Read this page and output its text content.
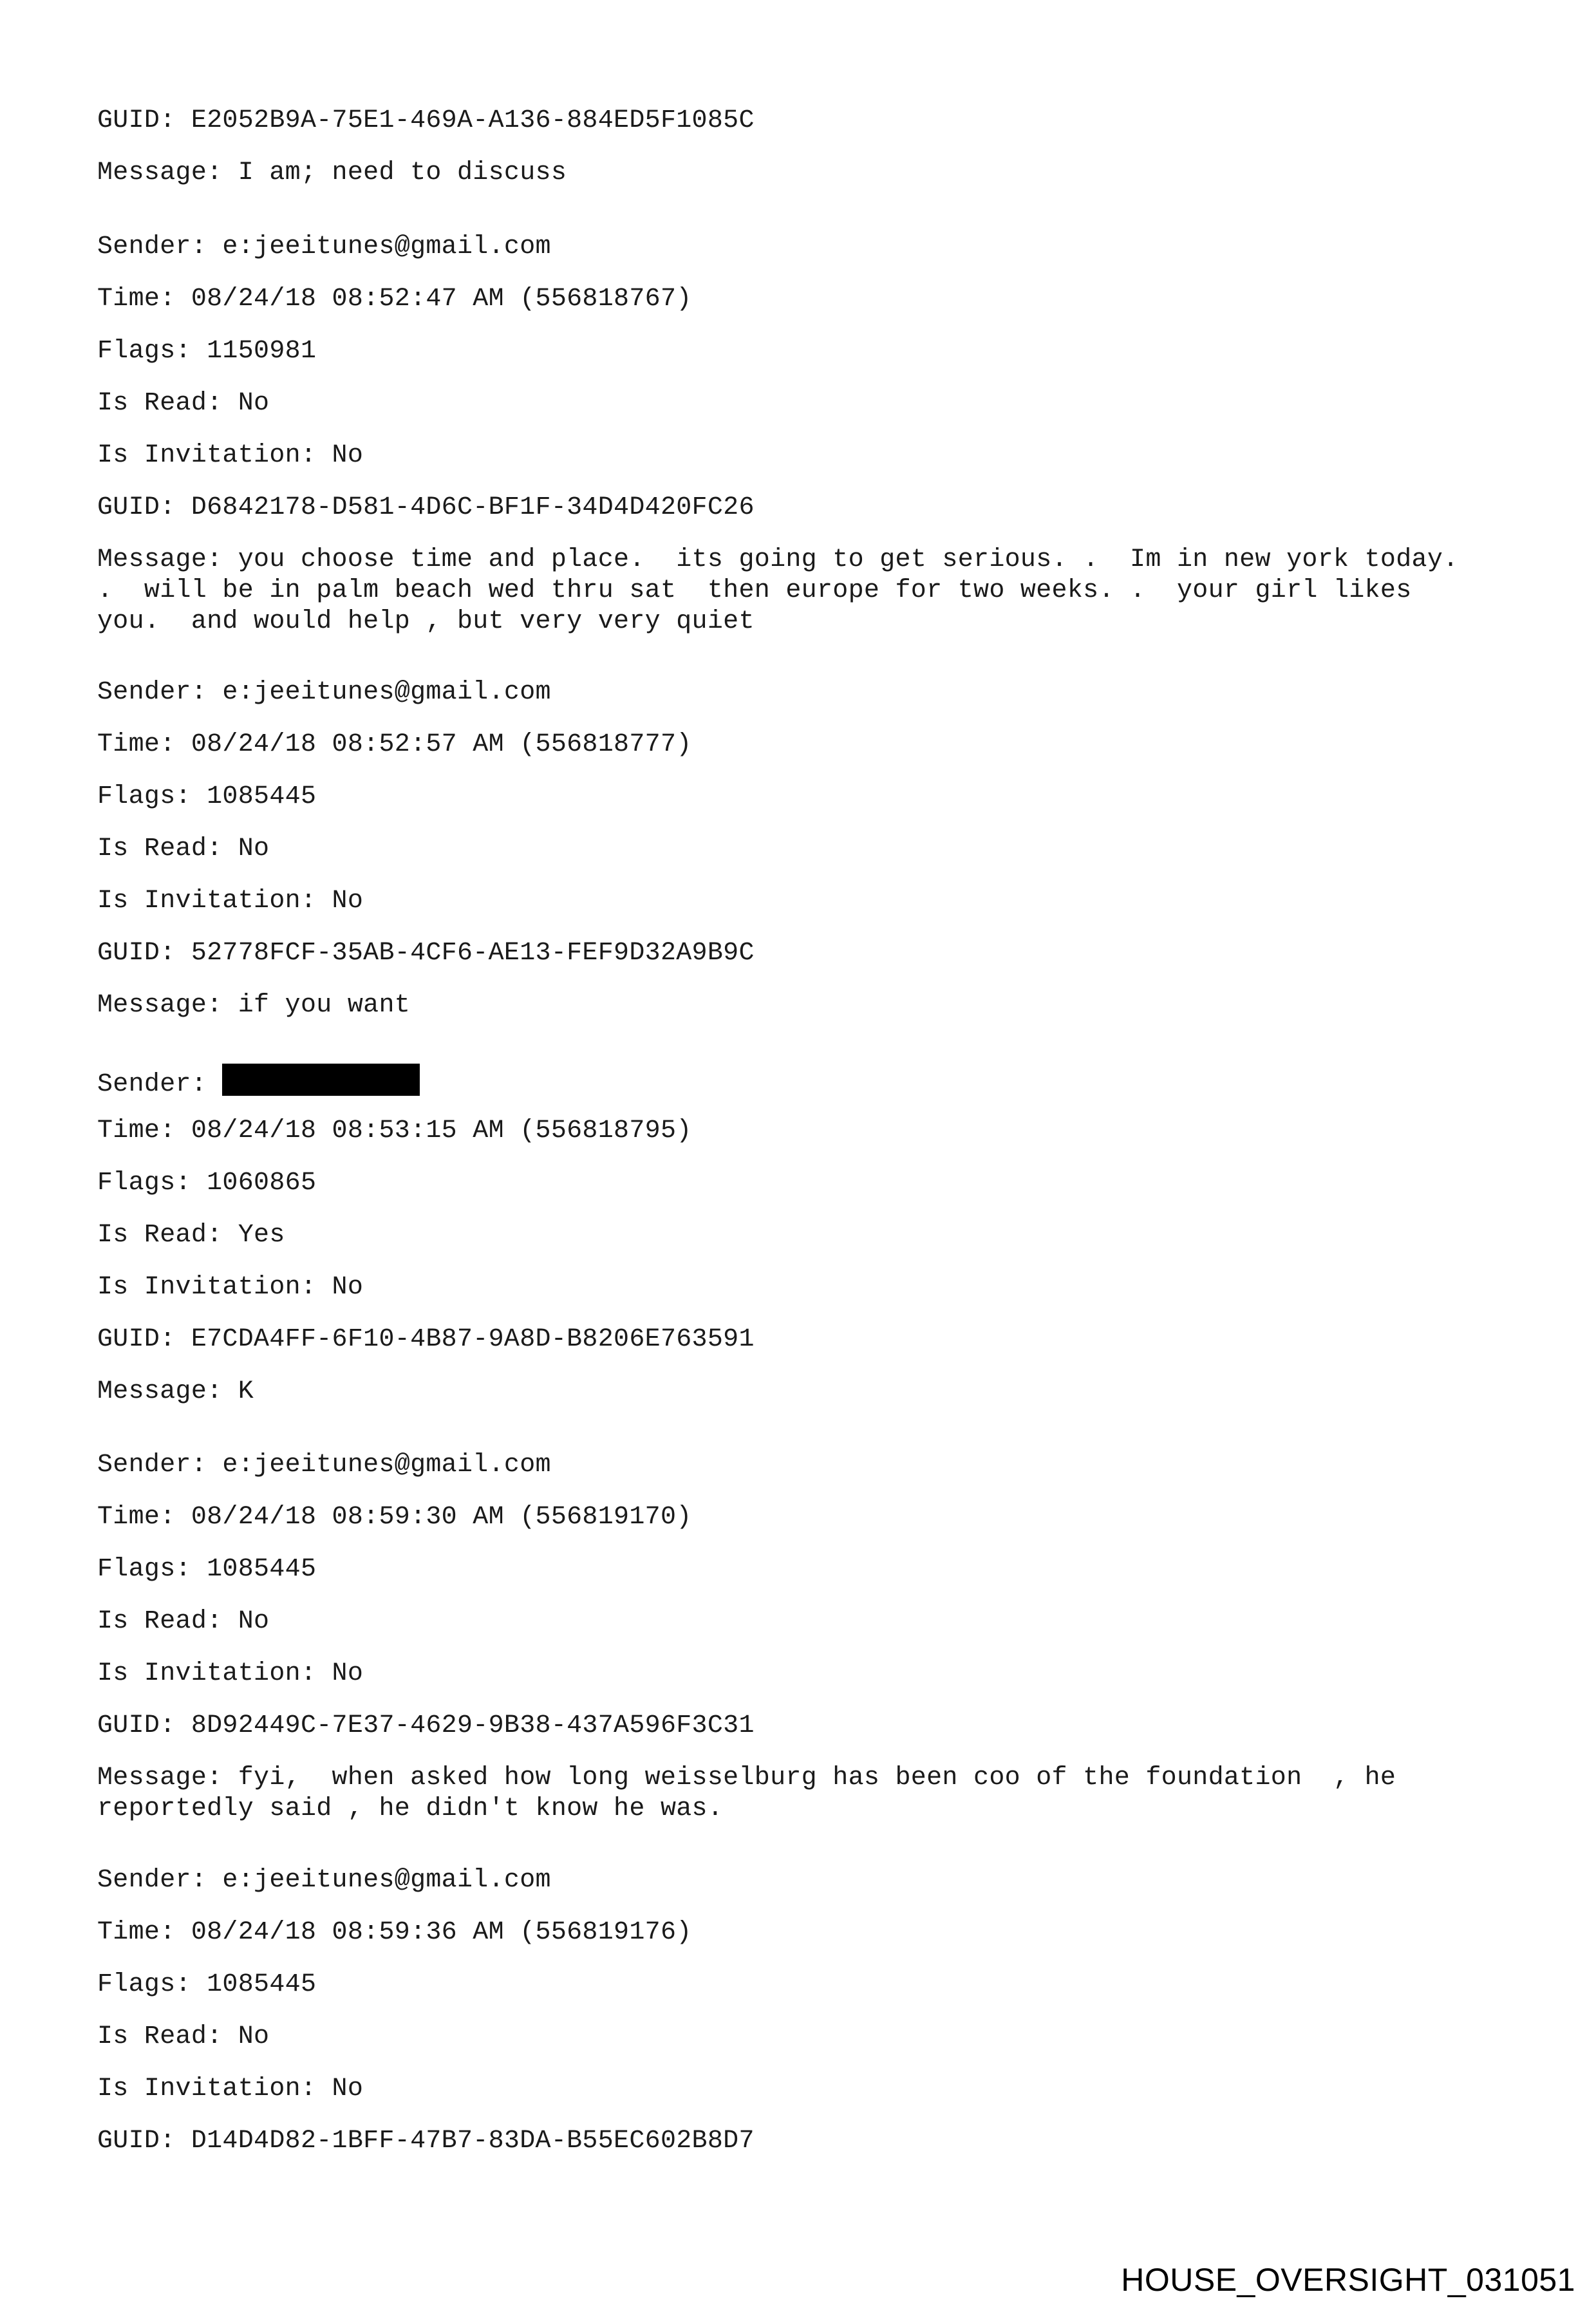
GUID: E2052B9A-75E1-469A-A136-884ED5F1085C
Message: I am; need to discuss
Sender: e:jeeitunes@gmail.com
Time: 08/24/18 08:52:47 AM (556818767)
Flags: 1150981
Is Read: No
Is Invitation: No
GUID: D6842178-D581-4D6C-BF1F-34D4D420FC26
Message: you choose time and place.  its going to get serious. .  Im in new york today.
.  will be in palm beach wed thru sat  then europe for two weeks. .  your girl likes
you.  and would help , but very very quiet
Sender: e:jeeitunes@gmail.com
Time: 08/24/18 08:52:57 AM (556818777)
Flags: 1085445
Is Read: No
Is Invitation: No
GUID: 52778FCF-35AB-4CF6-AE13-FEF9D32A9B9C
Message: if you want
Sender:
Time: 08/24/18 08:53:15 AM (556818795)
Flags: 1060865
Is Read: Yes
Is Invitation: No
GUID: E7CDA4FF-6F10-4B87-9A8D-B8206E763591
Message: K
Sender: e:jeeitunes@gmail.com
Time: 08/24/18 08:59:30 AM (556819170)
Flags: 1085445
Is Read: No
Is Invitation: No
GUID: 8D92449C-7E37-4629-9B38-437A596F3C31
Message: fyi,  when asked how long weisselburg has been coo of the foundation  , he
reportedly said , he didn't know he was.
Sender: e:jeeitunes@gmail.com
Time: 08/24/18 08:59:36 AM (556819176)
Flags: 1085445
Is Read: No
Is Invitation: No
GUID: D14D4D82-1BFF-47B7-83DA-B55EC602B8D7
HOUSE_OVERSIGHT_031051
